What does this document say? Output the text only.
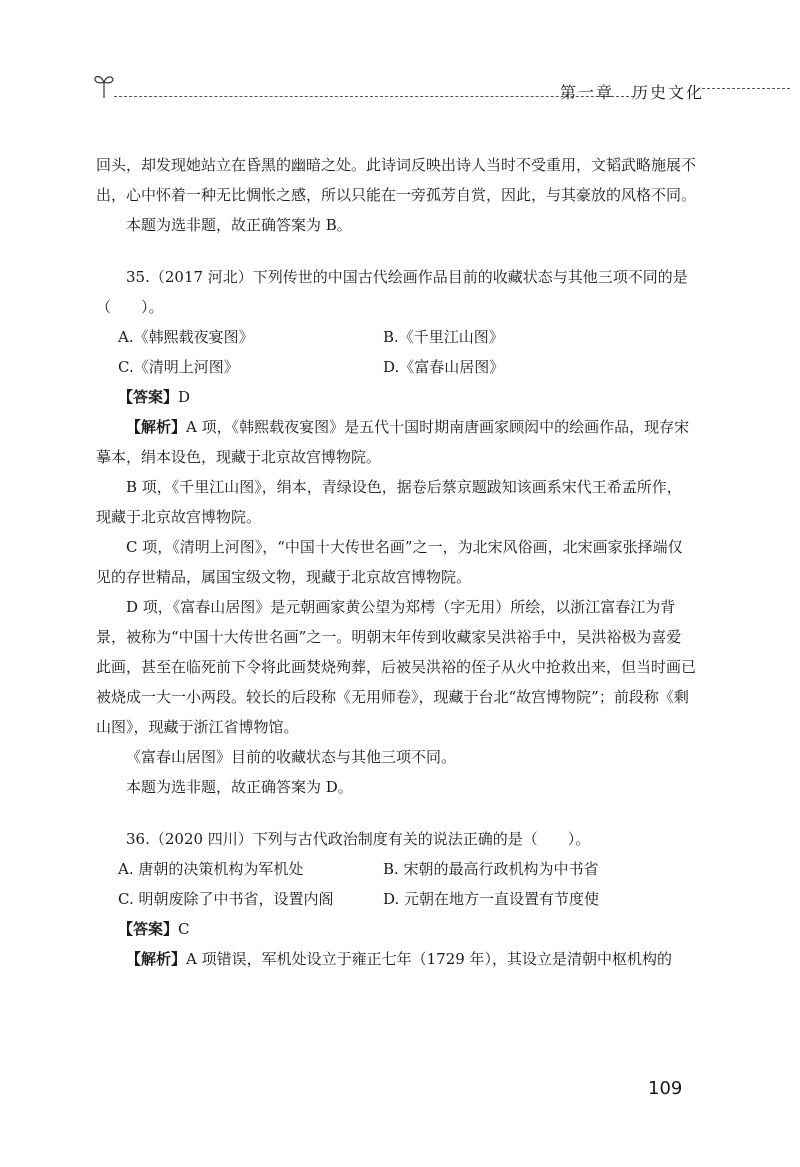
第一章　历史文化

回头，却发现她站立在昏黑的幽暗之处。此诗词反映出诗人当时不受重用，文韬武略施展不出，心中怀着一种无比惆怅之感，所以只能在一旁孤芳自赏，因此，与其豪放的风格不同。

本题为选非题，故正确答案为 B。

35.（2017 河北）下列传世的中国古代绘画作品目前的收藏状态与其他三项不同的是（　　）。

A.《韩熙载夜宴图》	B.《千里江山图》
C.《清明上河图》	D.《富春山居图》

【答案】D

【解析】A 项，《韩熙载夜宴图》是五代十国时期南唐画家顾闳中的绘画作品，现存宋摹本，绢本设色，现藏于北京故宫博物院。

B 项，《千里江山图》，绢本，青绿设色，据卷后蔡京题跋知该画系宋代王希孟所作，现藏于北京故宫博物院。

C 项，《清明上河图》，“中国十大传世名画”之一，为北宋风俗画，北宋画家张择端仅见的存世精品，属国宝级文物，现藏于北京故宫博物院。

D 项，《富春山居图》是元朝画家黄公望为郑樗（字无用）所绘，以浙江富春江为背景，被称为“中国十大传世名画”之一。明朝末年传到收藏家吴洪裕手中，吴洪裕极为喜爱此画，甚至在临死前下令将此画焚烧殉葬，后被吴洪裕的侄子从火中抢救出来，但当时画已被烧成一大一小两段。较长的后段称《无用师卷》，现藏于台北“故宫博物院”；前段称《剩山图》，现藏于浙江省博物馆。

《富春山居图》目前的收藏状态与其他三项不同。

本题为选非题，故正确答案为 D。

36.（2020 四川）下列与古代政治制度有关的说法正确的是（　　）。

A. 唐朝的决策机构为军机处	B. 宋朝的最高行政机构为中书省
C. 明朝废除了中书省，设置内阁	D. 元朝在地方一直设置有节度使

【答案】C

【解析】A 项错误，军机处设立于雍正七年（1729 年），其设立是清朝中枢机构的

109
